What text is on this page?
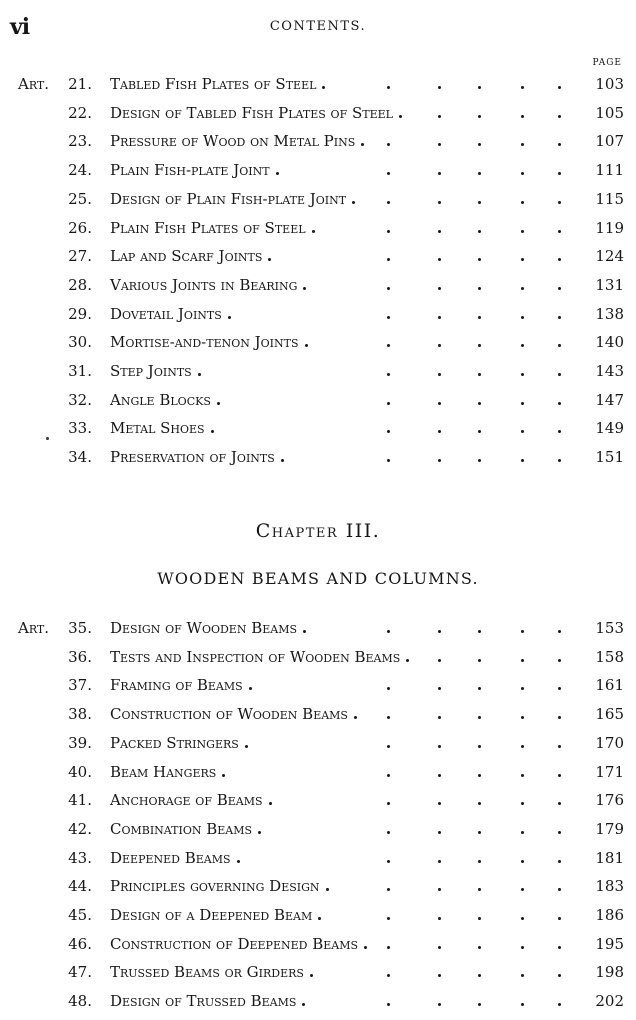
vi	CONTENTS.
PAGE
Art. 21. Tabled Fish Plates of Steel	103
22. Design of Tabled Fish Plates of Steel	105
23. Pressure of Wood on Metal Pins	107
24. Plain Fish-plate Joint	111
25. Design of Plain Fish-plate Joint	115
26. Plain Fish Plates of Steel	119
27. Lap and Scarf Joints	124
28. Various Joints in Bearing	131
29. Dovetail Joints	138
30. Mortise-and-tenon Joints	140
31. Step Joints	143
32. Angle Blocks	147
33. Metal Shoes	149
34. Preservation of Joints	151
Chapter III.
WOODEN BEAMS AND COLUMNS.
Art. 35. Design of Wooden Beams	153
36. Tests and Inspection of Wooden Beams	158
37. Framing of Beams	161
38. Construction of Wooden Beams	165
39. Packed Stringers	170
40. Beam Hangers	171
41. Anchorage of Beams	176
42. Combination Beams	179
43. Deepened Beams	181
44. Principles governing Design	183
45. Design of a Deepened Beam	186
46. Construction of Deepened Beams	195
47. Trussed Beams or Girders	198
48. Design of Trussed Beams	202
